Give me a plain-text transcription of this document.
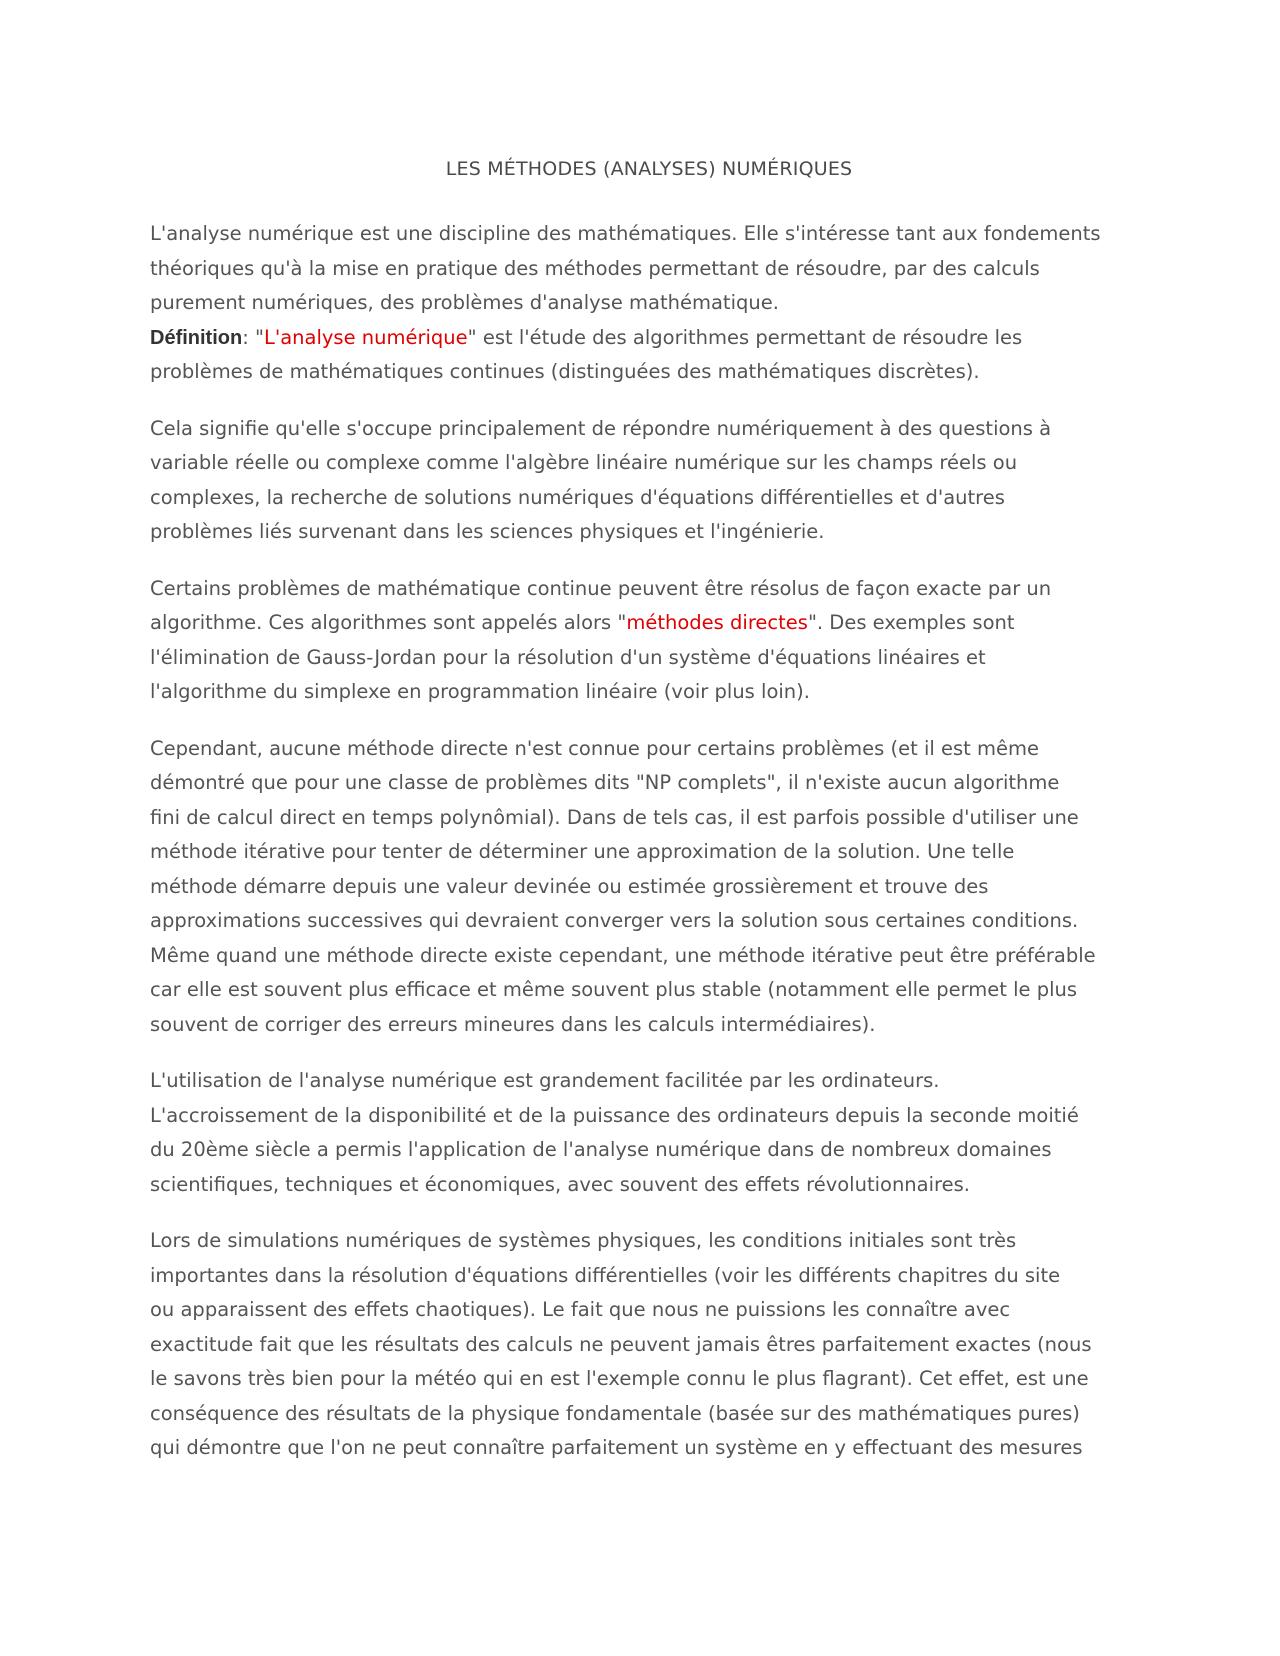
LES MÉTHODES (ANALYSES) NUMÉRIQUES
L'analyse numérique est une discipline des mathématiques. Elle s'intéresse tant aux fondements
théoriques qu'à la mise en pratique des méthodes permettant de résoudre, par des calculs
purement numériques, des problèmes d'analyse mathématique.
Définition: "L'analyse numérique" est l'étude des algorithmes permettant de résoudre les
problèmes de mathématiques continues (distinguées des mathématiques discrètes).
Cela signifie qu'elle s'occupe principalement de répondre numériquement à des questions à
variable réelle ou complexe comme l'algèbre linéaire numérique sur les champs réels ou
complexes, la recherche de solutions numériques d'équations différentielles et d'autres
problèmes liés survenant dans les sciences physiques et l'ingénierie.
Certains problèmes de mathématique continue peuvent être résolus de façon exacte par un
algorithme. Ces algorithmes sont appelés alors "méthodes directes". Des exemples sont
l'élimination de Gauss-Jordan pour la résolution d'un système d'équations linéaires et
l'algorithme du simplexe en programmation linéaire (voir plus loin).
Cependant, aucune méthode directe n'est connue pour certains problèmes (et il est même
démontré que pour une classe de problèmes dits "NP complets", il n'existe aucun algorithme
fini de calcul direct en temps polynômial). Dans de tels cas, il est parfois possible d'utiliser une
méthode itérative pour tenter de déterminer une approximation de la solution. Une telle
méthode démarre depuis une valeur devinée ou estimée grossièrement et trouve des
approximations successives qui devraient converger vers la solution sous certaines conditions.
Même quand une méthode directe existe cependant, une méthode itérative peut être préférable
car elle est souvent plus efficace et même souvent plus stable (notamment elle permet le plus
souvent de corriger des erreurs mineures dans les calculs intermédiaires).
L'utilisation de l'analyse numérique est grandement facilitée par les ordinateurs.
L'accroissement de la disponibilité et de la puissance des ordinateurs depuis la seconde moitié
du 20ème siècle a permis l'application de l'analyse numérique dans de nombreux domaines
scientifiques, techniques et économiques, avec souvent des effets révolutionnaires.
Lors de simulations numériques de systèmes physiques, les conditions initiales sont très
importantes dans la résolution d'équations différentielles (voir les différents chapitres du site
ou apparaissent des effets chaotiques). Le fait que nous ne puissions les connaître avec
exactitude fait que les résultats des calculs ne peuvent jamais êtres parfaitement exactes (nous
le savons très bien pour la météo qui en est l'exemple connu le plus flagrant). Cet effet, est une
conséquence des résultats de la physique fondamentale (basée sur des mathématiques pures)
qui démontre que l'on ne peut connaître parfaitement un système en y effectuant des mesures
